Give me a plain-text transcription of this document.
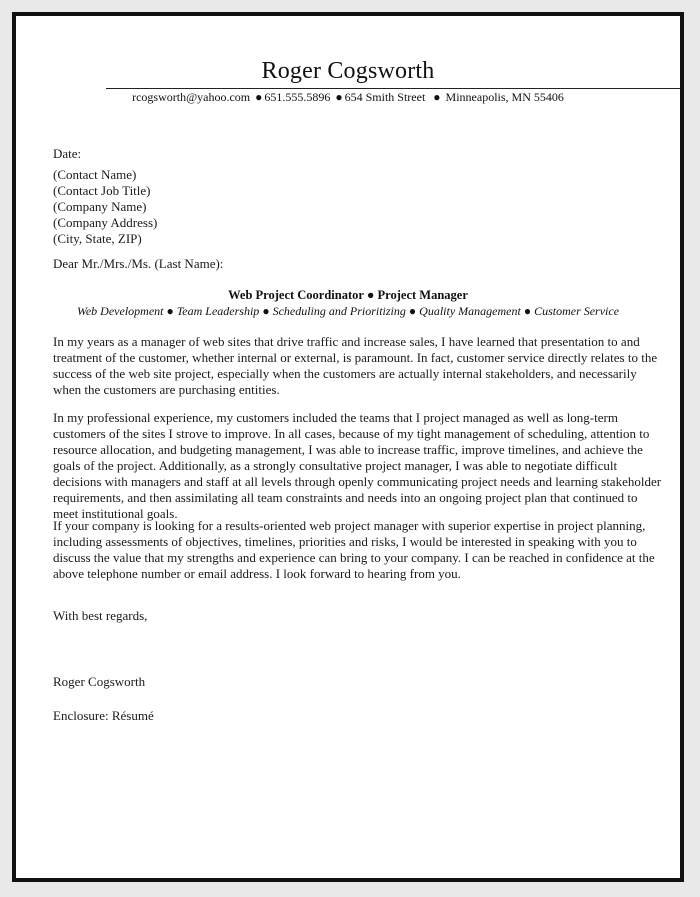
Roger Cogsworth
rcogsworth@yahoo.com ● 651.555.5896 ● 654 Smith Street ● Minneapolis, MN 55406
Date:
(Contact Name)
(Contact Job Title)
(Company Name)
(Company Address)
(City, State, ZIP)
Dear Mr./Mrs./Ms. (Last Name):
Web Project Coordinator ● Project Manager
Web Development ● Team Leadership ● Scheduling and Prioritizing ● Quality Management ● Customer Service

In my years as a manager of web sites that drive traffic and increase sales, I have learned that presentation to and treatment of the customer, whether internal or external, is paramount. In fact, customer service directly relates to the success of the web site project, especially when the customers are actually internal stakeholders, and necessarily when the customers are purchasing entities.

In my professional experience, my customers included the teams that I project managed as well as long-term customers of the sites I strove to improve. In all cases, because of my tight management of scheduling, attention to resource allocation, and budgeting management, I was able to increase traffic, improve timelines, and achieve the goals of the project. Additionally, as a strongly consultative project manager, I was able to negotiate difficult decisions with managers and staff at all levels through openly communicating project needs and learning stakeholder requirements, and then assimilating all team constraints and needs into an ongoing project plan that continued to meet institutional goals.

If your company is looking for a results-oriented web project manager with superior expertise in project planning, including assessments of objectives, timelines, priorities and risks, I would be interested in speaking with you to discuss the value that my strengths and experience can bring to your company. I can be reached in confidence at the above telephone number or email address. I look forward to hearing from you.

With best regards,
Roger Cogsworth
Enclosure: Résumé
